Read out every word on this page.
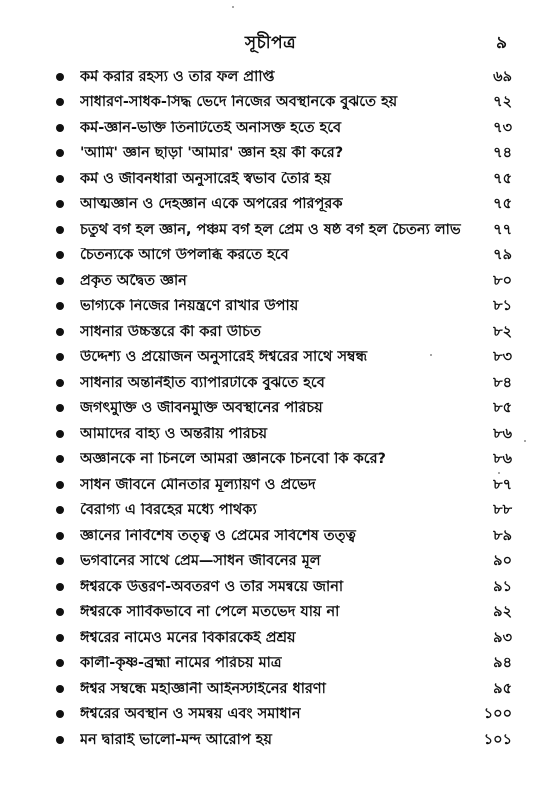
সূচীপত্র	৯
কর্ম করার রহস্য ও তার ফল প্রাপ্তি	৬৯
সাধারণ-সাধক-সিদ্ধ ভেদে নিজের অবস্থানকে বুঝতে হয়	৭২
কর্ম-জ্ঞান-ভক্তি তিনটিতেই অনাসক্ত হতে হবে	৭৩
'আমি' জ্ঞান ছাড়া 'আমার' জ্ঞান হয় কী করে?	৭৪
কর্ম ও জীবনধারা অনুসারেই স্বভাব তৈরি হয়	৭৫
আত্মজ্ঞান ও দেহজ্ঞান একে অপরের পরিপূরক	৭৫
চতুর্থ বর্গ হল জ্ঞান, পঞ্চম বর্গ হল প্রেম ও ষষ্ঠ বর্গ হল চৈতন্য লাভ	৭৭
চৈতন্যকে আগে উপলব্ধি করতে হবে	৭৯
প্রকৃত অদ্বৈত জ্ঞান	৮০
ভাগ্যকে নিজের নিয়ন্ত্রণে রাখার উপায়	৮১
সাধনার উচ্চস্তরে কী করা উচিত	৮২
উদ্দেশ্য ও প্রয়োজন অনুসারেই ঈশ্বরের সাথে সম্বন্ধ	৮৩
সাধনার অন্তর্নিহীত ব্যাপারটাকে বুঝতে হবে	৮৪
জগৎমুক্তি ও জীবনমুক্তি অবস্থানের পরিচয়	৮৫
আমাদের বাহ্য ও অন্তরীয় পরিচয়	৮৬
অজ্ঞানকে না চিনলে আমরা জ্ঞানকে চিনবো কি করে?	৮৬
সাধন জীবনে মৌনতার মূল্যায়ণ ও প্রভেদ	৮৭
বৈরাগ্য এ বিরহের মধ্যে পার্থক্য	৮৮
জ্ঞানের নির্বিশেষ তত্ত্ব ও প্রেমের সবিশেষ তত্ত্ব	৮৯
ভগবানের সাথে প্রেম—সাধন জীবনের মূল	৯০
ঈশ্বরকে উত্তরণ-অবতরণ ও তাঁর সমন্বয়ে জানা	৯১
ঈশ্বরকে সার্বিকভাবে না পেলে মতভেদ যায় না	৯২
ঈশ্বরের নামেও মনের বিকারকেই প্রশ্রয়	৯৩
কালী-কৃষ্ণ-ব্রহ্মা নামের পরিচয় মাত্র	৯৪
ঈশ্বর সম্বন্ধে মহাজ্ঞানী আইনস্টাইনের ধারণা	৯৫
ঈশ্বরের অবস্থান ও সমন্বয় এবং সমাধান	১০০
মন দ্বারাই ভালো-মন্দ আরোপ হয়	১০১
